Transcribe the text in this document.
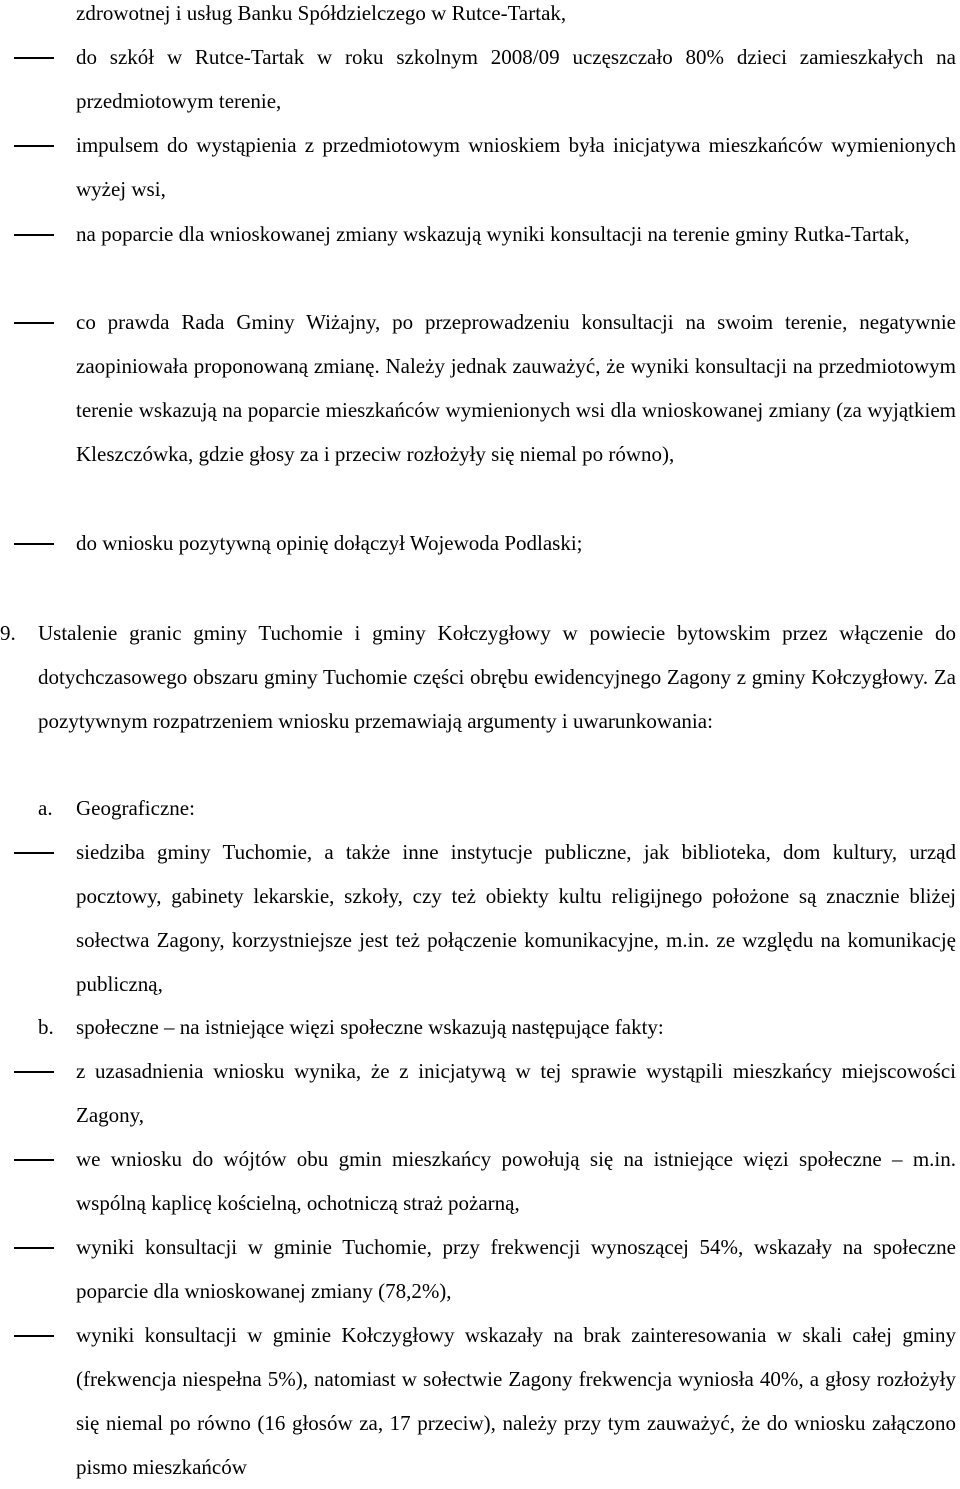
zdrowotnej i usług Banku Spółdzielczego w Rutce-Tartak,

do szkół w Rutce-Tartak w roku szkolnym 2008/09 uczęszczało 80% dzieci zamieszkałych na przedmiotowym terenie,

impulsem do wystąpienia z przedmiotowym wnioskiem była inicjatywa mieszkańców wymienionych wyżej wsi,

na poparcie dla wnioskowanej zmiany wskazują wyniki konsultacji na terenie gminy Rutka-Tartak,

co prawda Rada Gminy Wiżajny, po przeprowadzeniu konsultacji na swoim terenie, negatywnie zaopiniowała proponowaną zmianę. Należy jednak zauważyć, że wyniki konsultacji na przedmiotowym terenie wskazują na poparcie mieszkańców wymienionych wsi dla wnioskowanej zmiany (za wyjątkiem Kleszczówka, gdzie głosy za i przeciw rozłożyły się niemal po równo),

do wniosku pozytywną opinię dołączył Wojewoda Podlaski;

9.	Ustalenie granic gminy Tuchomie i gminy Kołczygłowy w powiecie bytowskim przez włączenie do dotychczasowego obszaru gminy Tuchomie części obrębu ewidencyjnego Zagony z gminy Kołczygłowy. Za pozytywnym rozpatrzeniem wniosku przemawiają argumenty i uwarunkowania:

a. Geograficzne:

siedziba gminy Tuchomie, a także inne instytucje publiczne, jak biblioteka, dom kultury, urząd pocztowy, gabinety lekarskie, szkoły, czy też obiekty kultu religijnego położone są znacznie bliżej sołectwa Zagony, korzystniejsze jest też połączenie komunikacyjne, m.in. ze względu na komunikację publiczną,

b. społeczne – na istniejące więzi społeczne wskazują następujące fakty:

z uzasadnienia wniosku wynika, że z inicjatywą w tej sprawie wystąpili mieszkańcy miejscowości Zagony,

we wniosku do wójtów obu gmin mieszkańcy powołują się na istniejące więzi społeczne – m.in. wspólną kaplicę kościelną, ochotniczą straż pożarną,

wyniki konsultacji w gminie Tuchomie, przy frekwencji wynoszącej 54%, wskazały na społeczne poparcie dla wnioskowanej zmiany (78,2%),

wyniki konsultacji w gminie Kołczygłowy wskazały na brak zainteresowania w skali całej gminy (frekwencja niespełna 5%), natomiast w sołectwie Zagony frekwencja wyniosła 40%, a głosy rozłożyły się niemal po równo (16 głosów za, 17 przeciw), należy przy tym zauważyć, że do wniosku załączono pismo mieszkańców
